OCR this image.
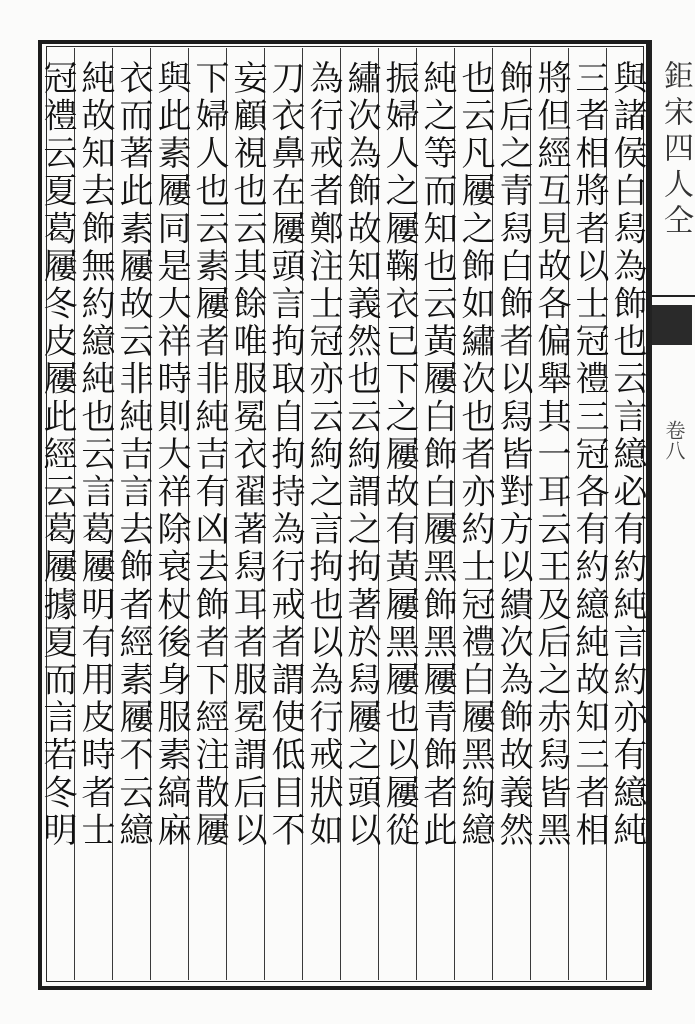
鉅宋四人仝
卷八
與諸侯白舄為飾也云言繶必有約純言約亦有繶純
三者相將者以士冠禮三冠各有約繶純故知三者相
將但經互見故各偏舉其一耳云王及后之赤舄皆黑
飾后之青舄白飾者以舄皆對方以繢次為飾故義然
也云凡屨之飾如繡次也者亦約士冠禮白屨黑絇繶
純之等而知也云黃屨白飾白屨黑飾黑屨青飾者此
振婦人之屨鞠衣已下之屨故有黃屨黑屨也以屨從
繡次為飾故知義然也云絇謂之拘著於舄屨之頭以
為行戒者鄭注士冠亦云絇之言拘也以為行戒狀如
刀衣鼻在屨頭言拘取自拘持為行戒者謂使低目不
妄顧視也云其餘唯服冕衣翟著舄耳者服冕謂后以
下婦人也云素屨者非純吉有凶去飾者下經注散屨
與此素屨同是大祥時則大祥除衰杖後身服素縞麻
衣而著此素屨故云非純吉言去飾者經素屨不云繶
純故知去飾無約繶純也云言葛屨明有用皮時者士
冠禮云夏葛屨冬皮屨此經云葛屨據夏而言若冬明
